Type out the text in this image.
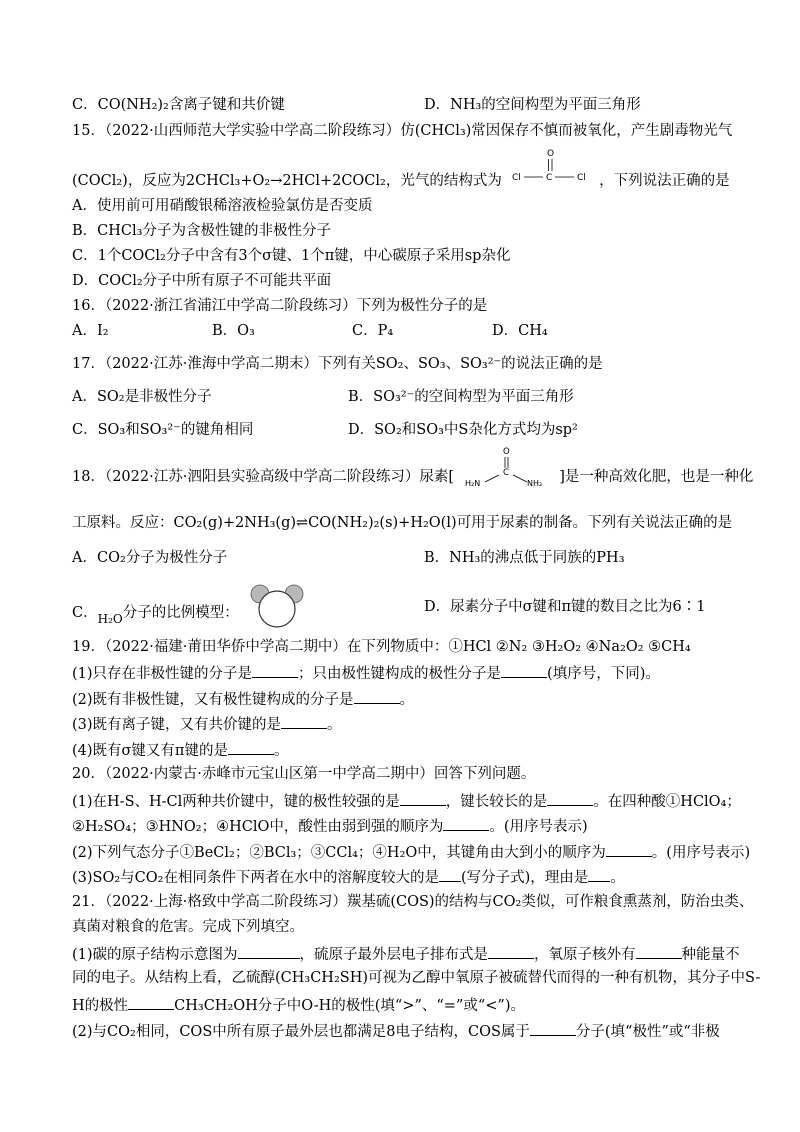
C．CO(NH₂)₂含离子键和共价键	D．NH₃的空间构型为平面三角形
15．（2022·山西师范大学实验中学高二阶段练习）仿(CHCl₃)常因保存不慎而被氧化，产生剧毒物光气
(COCl₂)，反应为2CHCl₃+O₂→2HCl+2COCl₂，光气的结构式为
O
Cl	C	Cl ，下列说法正确的是
A．使用前可用硝酸银稀溶液检验氯仿是否变质
B．CHCl₃分子为含极性键的非极性分子
C．1个COCl₂分子中含有3个σ键、1个π键，中心碳原子采用sp杂化
D．COCl₂分子中所有原子不可能共平面
16．（2022·浙江省浦江中学高二阶段练习）下列为极性分子的是
A．I₂	B．O₃	C．P₄	D．CH₄
17．（2022·江苏·淮海中学高二期末）下列有关SO₂、SO₃、SO₃²⁻的说法正确的是
A．SO₂是非极性分子	B．SO₃²⁻的空间构型为平面三角形
C．SO₃和SO₃²⁻的键角相同	D．SO₂和SO₃中S杂化方式均为sp²
18．（2022·江苏·泗阳县实验高级中学高二阶段练习）尿素[
O
C
H₂N	NH₂ ]是一种高效化肥，也是一种化
工原料。反应：CO₂(g)+2NH₃(g)⇌CO(NH₂)₂(s)+H₂O(l)可用于尿素的制备。下列有关说法正确的是
A．CO₂分子为极性分子	B．NH₃的沸点低于同族的PH₃
C．$_{H_2O}$分子的比例模型：	D．尿素分子中σ键和π键的数目之比为6∶1
19．（2022·福建·莆田华侨中学高二期中）在下列物质中：①HCl ②N₂ ③H₂O₂ ④Na₂O₂ ⑤CH₄
(1)只存在非极性键的分子是	；只由极性键构成的极性分子是	(填序号，下同)。
(2)既有非极性键，又有极性键构成的分子是	。
(3)既有离子键，又有共价键的是	。
(4)既有σ键又有π键的是	。
20．（2022·内蒙古·赤峰市元宝山区第一中学高二期中）回答下列问题。
(1)在H-S、H-Cl两种共价键中，键的极性较强的是	，键长较长的是	。在四种酸①HClO₄；
②H₂SO₄；③HNO₂；④HClO中，酸性由弱到强的顺序为	。(用序号表示)
(2)下列气态分子①BeCl₂；②BCl₃；③CCl₄；④H₂O中，其键角由大到小的顺序为	。(用序号表示)
(3)SO₂与CO₂在相同条件下两者在水中的溶解度较大的是 (写分子式)，理由是 。
21．（2022·上海·格致中学高二阶段练习）羰基硫(COS)的结构与CO₂类似，可作粮食熏蒸剂，防治虫类、
真菌对粮食的危害。完成下列填空。
(1)碳的原子结构示意图为	，硫原子最外层电子排布式是	，氧原子核外有	种能量不
同的电子。从结构上看，乙硫醇(CH₃CH₂SH)可视为乙醇中氧原子被硫替代而得的一种有机物，其分子中S-
H的极性	CH₃CH₂OH分子中O-H的极性(填“>”、“=”或“<”)。
(2)与CO₂相同，COS中所有原子最外层也都满足8电子结构，COS属于	分子(填“极性”或“非极
